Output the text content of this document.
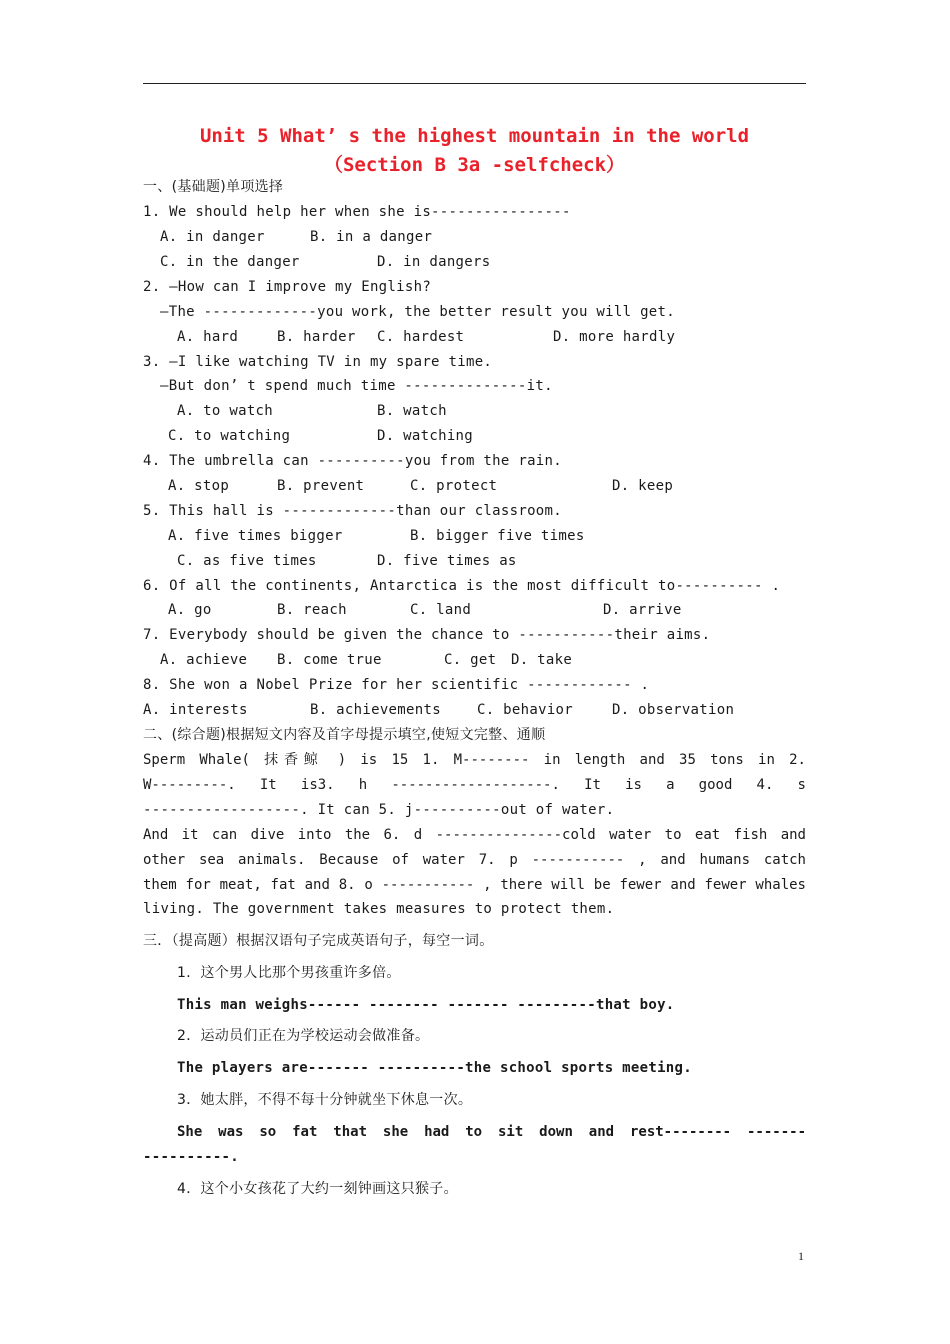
Unit 5 What’ s the highest mountain in the world
（Section B 3a -selfcheck）
一、(基础题)单项选择
1. We should help her when she is----------------
A. in danger	B. in a danger
C. in the danger	D. in dangers
2. —How can I improve my English?
—The -------------you work, the better result you will get.
A. hard	B. harder C. hardest	D. more hardly
3. —I like watching TV in my spare time.
—But don’ t spend much time --------------it.
A. to watch	B. watch
C. to watching	D. watching
4. The umbrella can ----------you from the rain.
A. stop	B. prevent	C. protect	D. keep
5. This hall is -------------than our classroom.
A. five times bigger	B. bigger five times
C. as five times	D. five times as
6. Of all the continents, Antarctica is the most difficult to---------- .
A. go	B. reach	C. land	D. arrive
7. Everybody should be given the chance to -----------their aims.
A. achieve B. come true	C. get D. take
8. She won a Nobel Prize for her scientific ------------ .
A. interests	B. achievements	C. behavior	D. observation
二、(综合题)根据短文内容及首字母提示填空,使短文完整、通顺
Sperm Whale( 抹香鲸 ) is 15 1. M-------- in length and 35 tons in 2.
W---------. It is3. h -------------------. It is a good 4. s
------------------. It can 5. j----------out of water.
And it can dive into the 6. d ---------------cold water to eat fish and
other sea animals. Because of water 7. p ----------- , and humans catch
them for meat, fat and 8. o ----------- , there will be fewer and fewer whales
living. The government takes measures to protect them.
三．（提高题）根据汉语句子完成英语句子，每空一词。
1．这个男人比那个男孩重许多倍。
This man weighs------ -------- ------- ---------that boy.
2．运动员们正在为学校运动会做准备。
The players are------- ----------the school sports meeting.
3．她太胖，不得不每十分钟就坐下休息一次。
She was so fat that she had to sit down and rest-------- -------
----------.
4．这个小女孩花了大约一刻钟画这只猴子。
1
